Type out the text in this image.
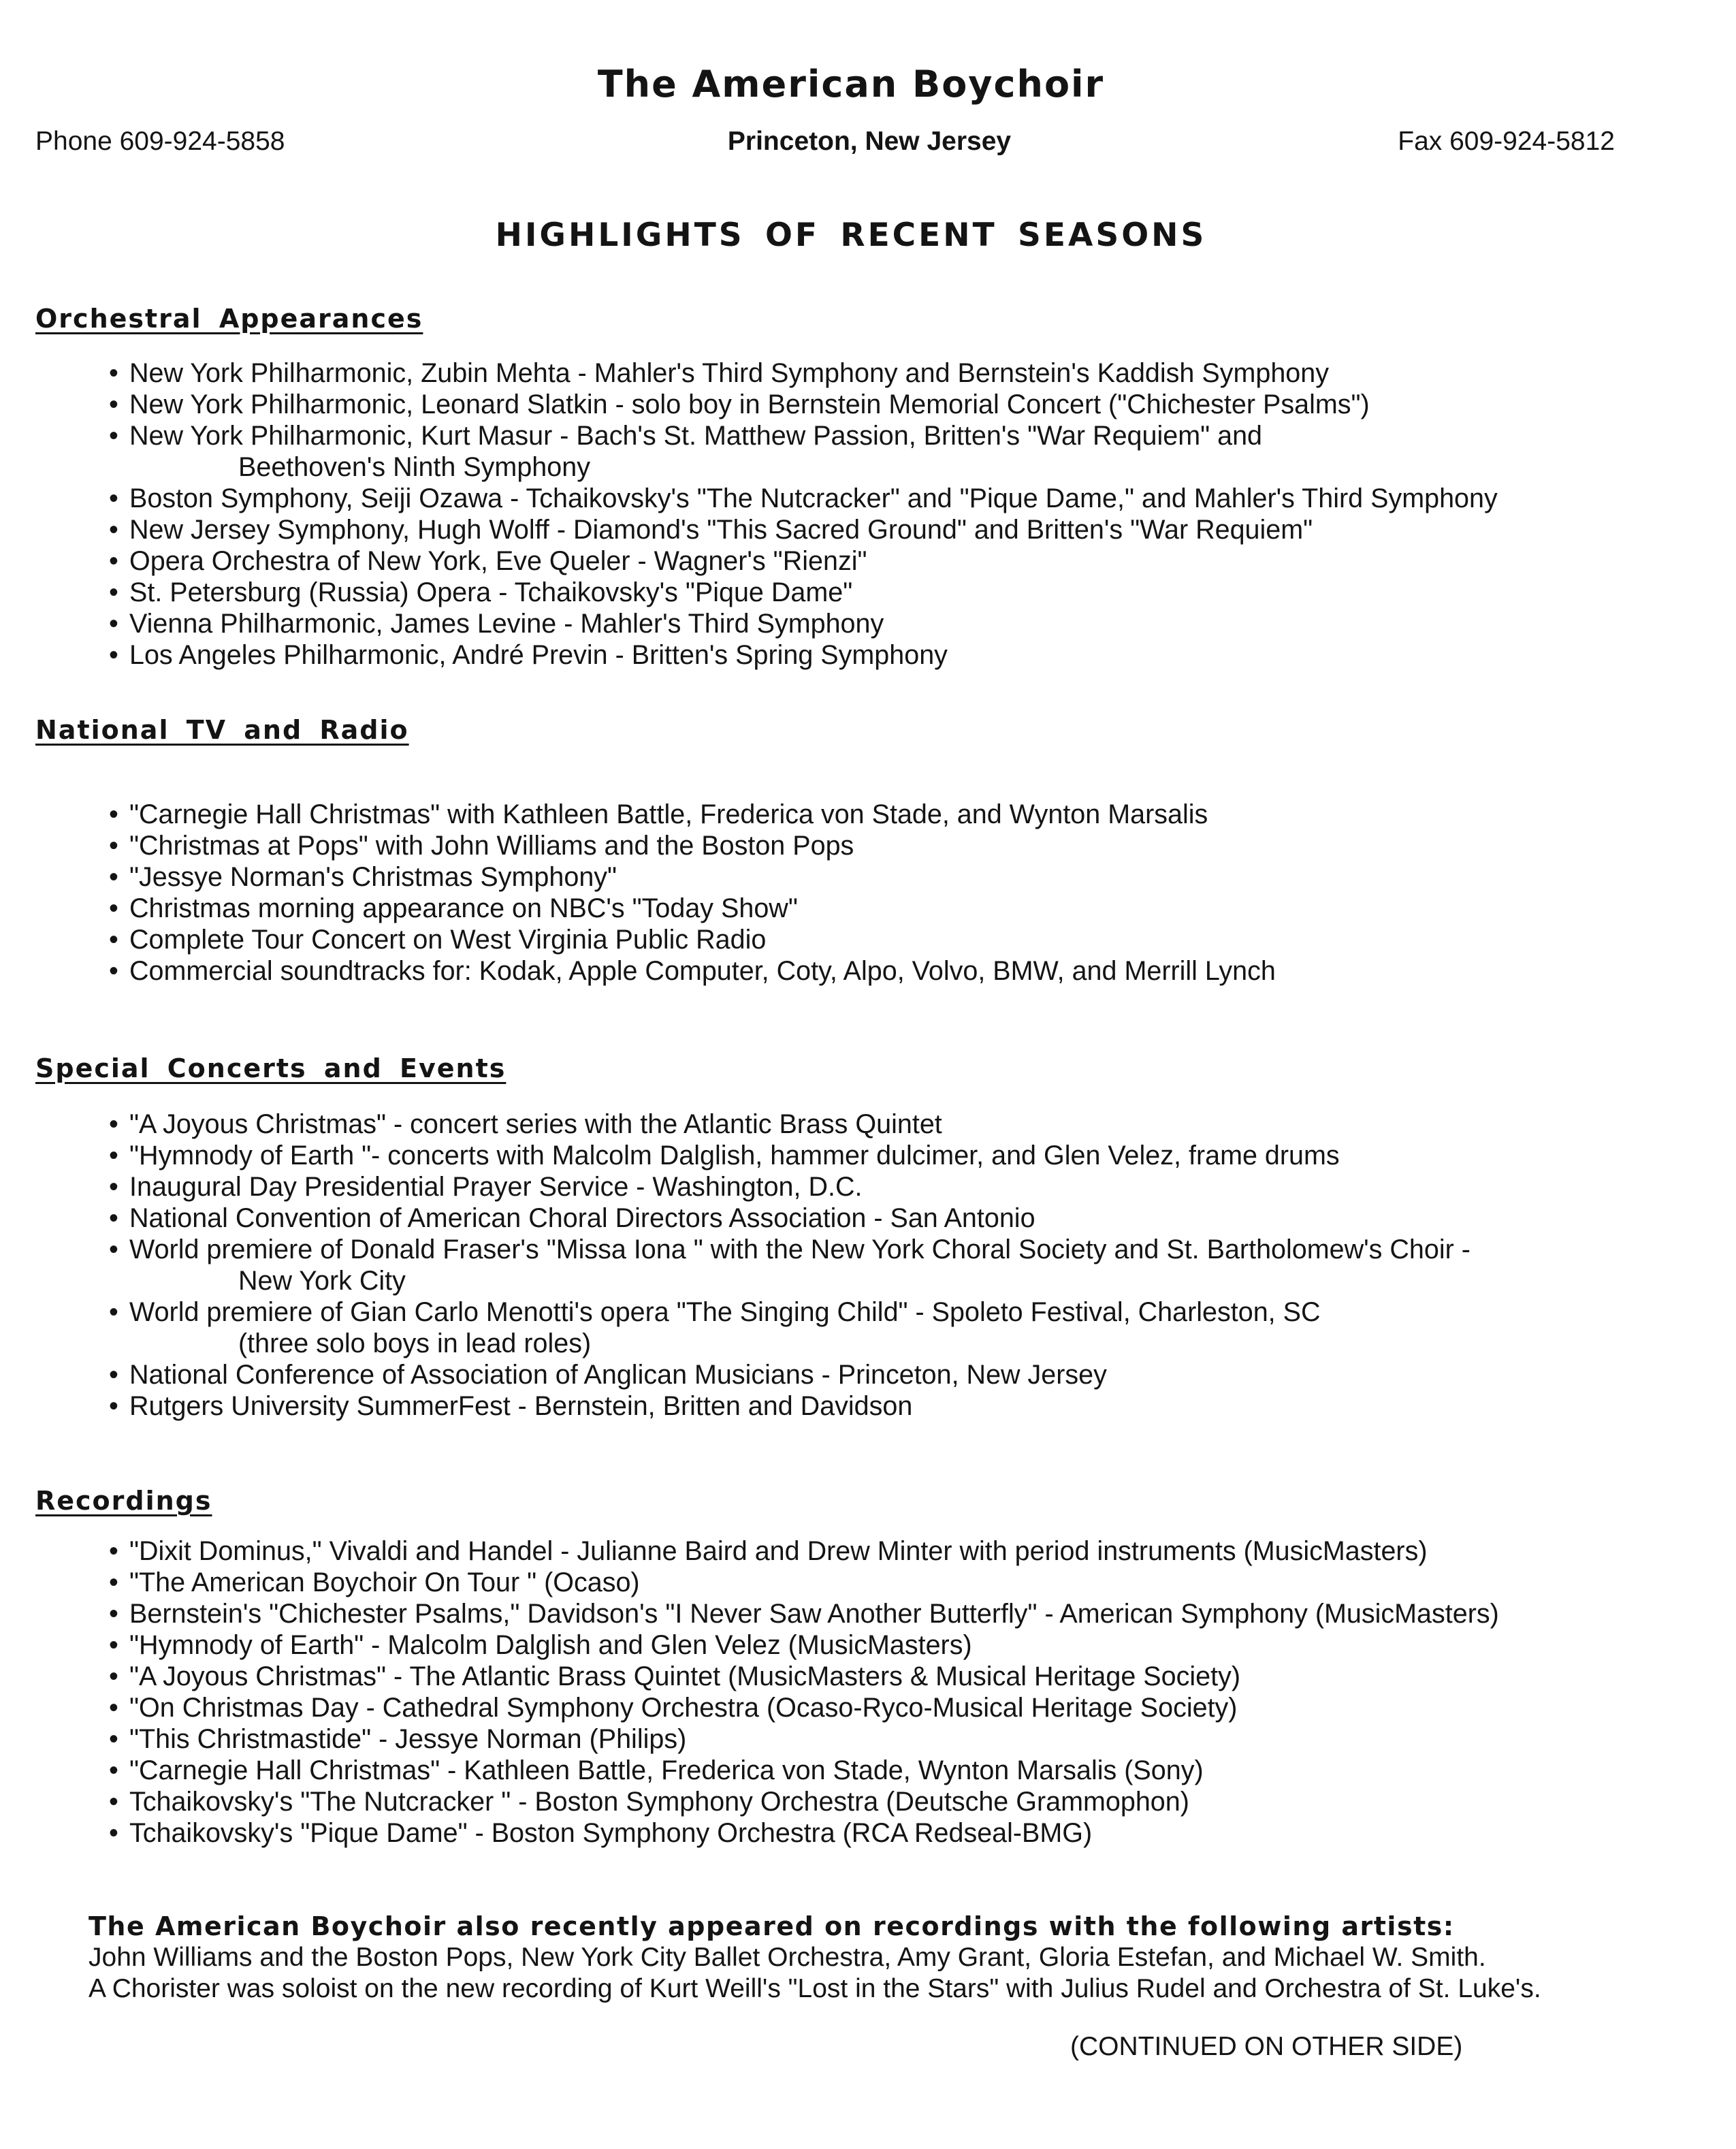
The American Boychoir
Phone 609-924-5858	Princeton, New Jersey	Fax 609-924-5812
HIGHLIGHTS OF RECENT SEASONS
Orchestral Appearances
• New York Philharmonic, Zubin Mehta - Mahler's Third Symphony and Bernstein's Kaddish Symphony
• New York Philharmonic, Leonard Slatkin - solo boy in Bernstein Memorial Concert ("Chichester Psalms")
• New York Philharmonic, Kurt Masur - Bach's St. Matthew Passion, Britten's "War Requiem" and
Beethoven's Ninth Symphony
• Boston Symphony, Seiji Ozawa - Tchaikovsky's "The Nutcracker" and "Pique Dame," and Mahler's Third Symphony
• New Jersey Symphony, Hugh Wolff - Diamond's "This Sacred Ground" and Britten's "War Requiem"
• Opera Orchestra of New York, Eve Queler - Wagner's "Rienzi"
• St. Petersburg (Russia) Opera - Tchaikovsky's "Pique Dame"
• Vienna Philharmonic, James Levine - Mahler's Third Symphony
• Los Angeles Philharmonic, André Previn - Britten's Spring Symphony
National TV and Radio
• "Carnegie Hall Christmas" with Kathleen Battle, Frederica von Stade, and Wynton Marsalis
• "Christmas at Pops" with John Williams and the Boston Pops
• "Jessye Norman's Christmas Symphony"
• Christmas morning appearance on NBC's "Today Show"
• Complete Tour Concert on West Virginia Public Radio
• Commercial soundtracks for: Kodak, Apple Computer, Coty, Alpo, Volvo, BMW, and Merrill Lynch
Special Concerts and Events
• "A Joyous Christmas" - concert series with the Atlantic Brass Quintet
• "Hymnody of Earth "- concerts with Malcolm Dalglish, hammer dulcimer, and Glen Velez, frame drums
• Inaugural Day Presidential Prayer Service - Washington, D.C.
• National Convention of American Choral Directors Association - San Antonio
• World premiere of Donald Fraser's "Missa Iona " with the New York Choral Society and St. Bartholomew's Choir -
New York City
• World premiere of Gian Carlo Menotti's opera "The Singing Child" - Spoleto Festival, Charleston, SC
(three solo boys in lead roles)
• National Conference of Association of Anglican Musicians - Princeton, New Jersey
• Rutgers University SummerFest - Bernstein, Britten and Davidson
Recordings
• "Dixit Dominus," Vivaldi and Handel - Julianne Baird and Drew Minter with period instruments (MusicMasters)
• "The American Boychoir On Tour " (Ocaso)
• Bernstein's "Chichester Psalms," Davidson's "I Never Saw Another Butterfly" - American Symphony (MusicMasters)
• "Hymnody of Earth" - Malcolm Dalglish and Glen Velez (MusicMasters)
• "A Joyous Christmas" - The Atlantic Brass Quintet (MusicMasters & Musical Heritage Society)
• "On Christmas Day - Cathedral Symphony Orchestra (Ocaso-Ryco-Musical Heritage Society)
• "This Christmastide" - Jessye Norman (Philips)
• "Carnegie Hall Christmas" - Kathleen Battle, Frederica von Stade, Wynton Marsalis (Sony)
• Tchaikovsky's "The Nutcracker " - Boston Symphony Orchestra (Deutsche Grammophon)
• Tchaikovsky's "Pique Dame" - Boston Symphony Orchestra (RCA Redseal-BMG)
The American Boychoir also recently appeared on recordings with the following artists:
John Williams and the Boston Pops, New York City Ballet Orchestra, Amy Grant, Gloria Estefan, and Michael W. Smith.
A Chorister was soloist on the new recording of Kurt Weill's "Lost in the Stars" with Julius Rudel and Orchestra of St. Luke's.
(CONTINUED ON OTHER SIDE)
